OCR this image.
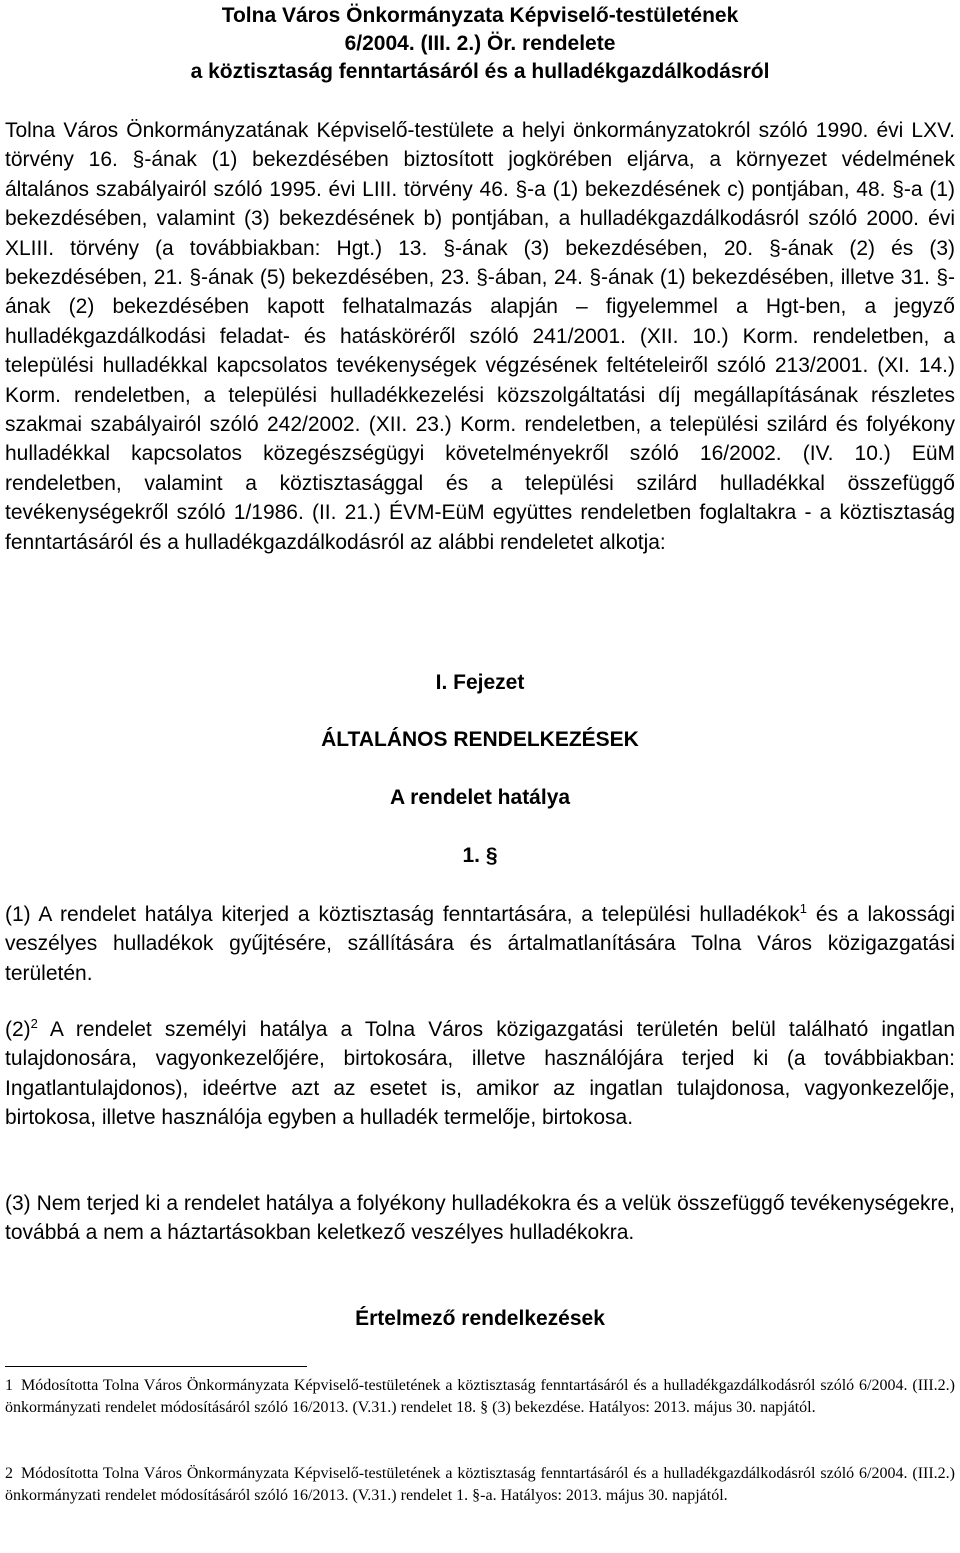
Tolna Város Önkormányzata Képviselő-testületének
6/2004. (III. 2.) Ör. rendelete
a köztisztaság fenntartásáról és a hulladékgazdálkodásról

Tolna Város Önkormányzatának Képviselő-testülete a helyi önkormányzatokról szóló 1990. évi LXV. törvény 16. §-ának (1) bekezdésében biztosított jogkörében eljárva, a környezet védelmének általános szabályairól szóló 1995. évi LIII. törvény 46. §-a (1) bekezdésének c) pontjában, 48. §-a (1) bekezdésében, valamint (3) bekezdésének b) pontjában, a hulladékgazdálkodásról szóló 2000. évi XLIII. törvény (a továbbiakban: Hgt.) 13. §-ának (3) bekezdésében, 20. §-ának (2) és (3) bekezdésében, 21. §-ának (5) bekezdésében, 23. §-ában, 24. §-ának (1) bekezdésében, illetve 31. §-ának (2) bekezdésében kapott felhatalmazás alapján – figyelemmel a Hgt-ben, a jegyző hulladékgazdálkodási feladat- és hatásköréről szóló 241/2001. (XII. 10.) Korm. rendeletben, a települési hulladékkal kapcsolatos tevékenységek végzésének feltételeiről szóló 213/2001. (XI. 14.) Korm. rendeletben, a települési hulladékkezelési közszolgáltatási díj megállapításának részletes szakmai szabályairól szóló 242/2002. (XII. 23.) Korm. rendeletben, a települési szilárd és folyékony hulladékkal kapcsolatos közegészségügyi követelményekről szóló 16/2002. (IV. 10.) EüM rendeletben, valamint a köztisztasággal és a települési szilárd hulladékkal összefüggő tevékenységekről szóló 1/1986. (II. 21.) ÉVM-EüM együttes rendeletben foglaltakra - a köztisztaság fenntartásáról és a hulladékgazdálkodásról az alábbi rendeletet alkotja:

I. Fejezet
ÁLTALÁNOS RENDELKEZÉSEK
A rendelet hatálya
1. §

(1) A rendelet hatálya kiterjed a köztisztaság fenntartására, a települési hulladékok$^1$ és a lakossági veszélyes hulladékok gyűjtésére, szállítására és ártalmatlanítására Tolna Város közigazgatási területén.

$(2)^2$ A rendelet személyi hatálya a Tolna Város közigazgatási területén belül található ingatlan tulajdonosára, vagyonkezelőjére, birtokosára, illetve használójára terjed ki (a továbbiakban: Ingatlantulajdonos), ideértve azt az esetet is, amikor az ingatlan tulajdonosa, vagyonkezelője, birtokosa, illetve használója egyben a hulladék termelője, birtokosa.

(3) Nem terjed ki a rendelet hatálya a folyékony hulladékokra és a velük összefüggő tevékenységekre, továbbá a nem a háztartásokban keletkező veszélyes hulladékokra.

Értelmező rendelkezések
1 Módosította Tolna Város Önkormányzata Képviselő-testületének a köztisztaság fenntartásáról és a hulladékgazdálkodásról szóló 6/2004. (III.2.) önkormányzati rendelet módosításáról szóló 16/2013. (V.31.) rendelet 18. § (3) bekezdése. Hatályos: 2013. május 30. napjától.
2 Módosította Tolna Város Önkormányzata Képviselő-testületének a köztisztaság fenntartásáról és a hulladékgazdálkodásról szóló 6/2004. (III.2.) önkormányzati rendelet módosításáról szóló 16/2013. (V.31.) rendelet 1. §-a. Hatályos: 2013. május 30. napjától.
